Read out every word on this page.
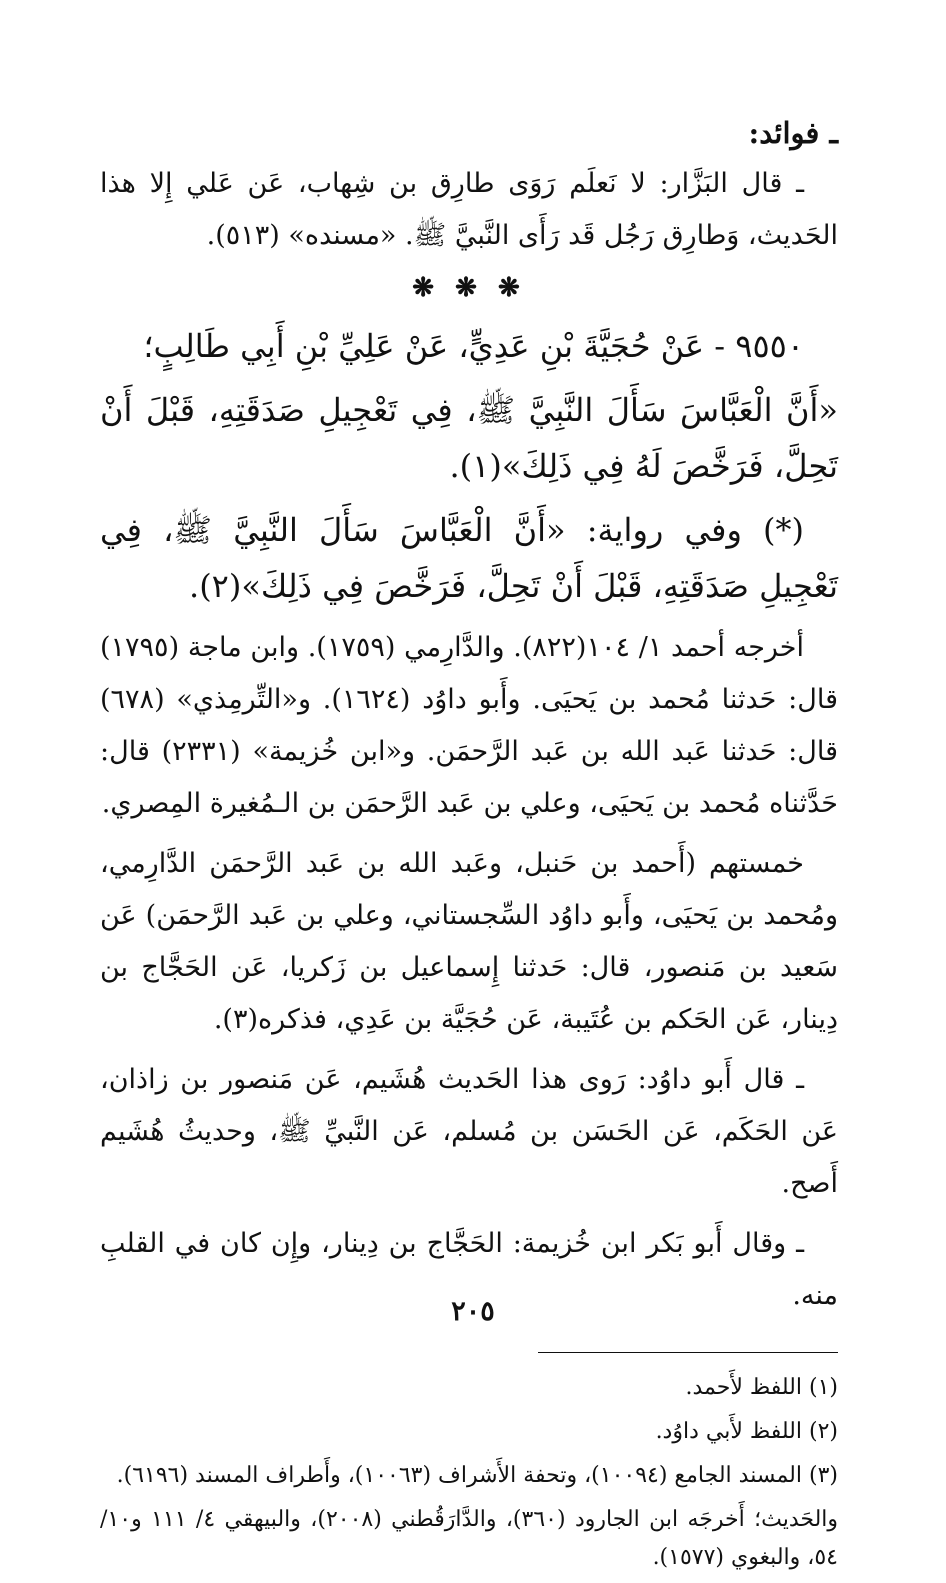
ـ فوائد:

ـ قال البَزَّار: لا نَعلَم رَوَى طارِق بن شِهاب، عَن عَلي إِلا هذا الحَديث، وَطارِق رَجُل قَد رَأَى النَّبيَّ ﷺ. «مسنده» (٥١٣).

❋ ❋ ❋

٩٥٥٠ - عَنْ حُجَيَّةَ بْنِ عَدِيٍّ، عَنْ عَلِيِّ بْنِ أَبِي طَالِبٍ؛

«أَنَّ الْعَبَّاسَ سَأَلَ النَّبِيَّ ﷺ، فِي تَعْجِيلِ صَدَقَتِهِ، قَبْلَ أَنْ تَحِلَّ، فَرَخَّصَ لَهُ فِي ذَلِكَ»(١).

(*) وفي رواية: «أَنَّ الْعَبَّاسَ سَأَلَ النَّبِيَّ ﷺ، فِي تَعْجِيلِ صَدَقَتِهِ، قَبْلَ أَنْ تَحِلَّ، فَرَخَّصَ فِي ذَلِكَ»(٢).

أخرجه أحمد ١/ ١٠٤(٨٢٢). والدَّارِمي (١٧٥٩). وابن ماجة (١٧٩٥) قال: حَدثنا مُحمد بن يَحيَى. وأَبو داوُد (١٦٢٤). و«التِّرمِذي» (٦٧٨) قال: حَدثنا عَبد الله بن عَبد الرَّحمَن. و«ابن خُزيمة» (٢٣٣١) قال: حَدَّثناه مُحمد بن يَحيَى، وعلي بن عَبد الرَّحمَن بن الـمُغيرة المِصري.

خمستهم (أَحمد بن حَنبل، وعَبد الله بن عَبد الرَّحمَن الدَّارِمي، ومُحمد بن يَحيَى، وأَبو داوُد السِّجستاني، وعلي بن عَبد الرَّحمَن) عَن سَعيد بن مَنصور، قال: حَدثنا إِسماعيل بن زَكريا، عَن الحَجَّاج بن دِينار، عَن الحَكم بن عُتَيبة، عَن حُجَيَّة بن عَدِي، فذكره(٣).

ـ قال أَبو داوُد: رَوى هذا الحَديث هُشَيم، عَن مَنصور بن زاذان، عَن الحَكَم، عَن الحَسَن بن مُسلم، عَن النَّبيِّ ﷺ، وحديثُ هُشَيم أَصح.

ـ وقال أَبو بَكر ابن خُزيمة: الحَجَّاج بن دِينار، وإِن كان في القلبِ منه.

(١) اللفظ لأَحمد.

(٢) اللفظ لأَبي داوُد.

(٣) المسند الجامع (١٠٠٩٤)، وتحفة الأَشراف (١٠٠٦٣)، وأَطراف المسند (٦١٩٦).

والحَديث؛ أَخرجَه ابن الجارود (٣٦٠)، والدَّارَقُطني (٢٠٠٨)، والبيهقي ٤/ ١١١ و١٠/ ٥٤، والبغوي (١٥٧٧).

٢٠٥
